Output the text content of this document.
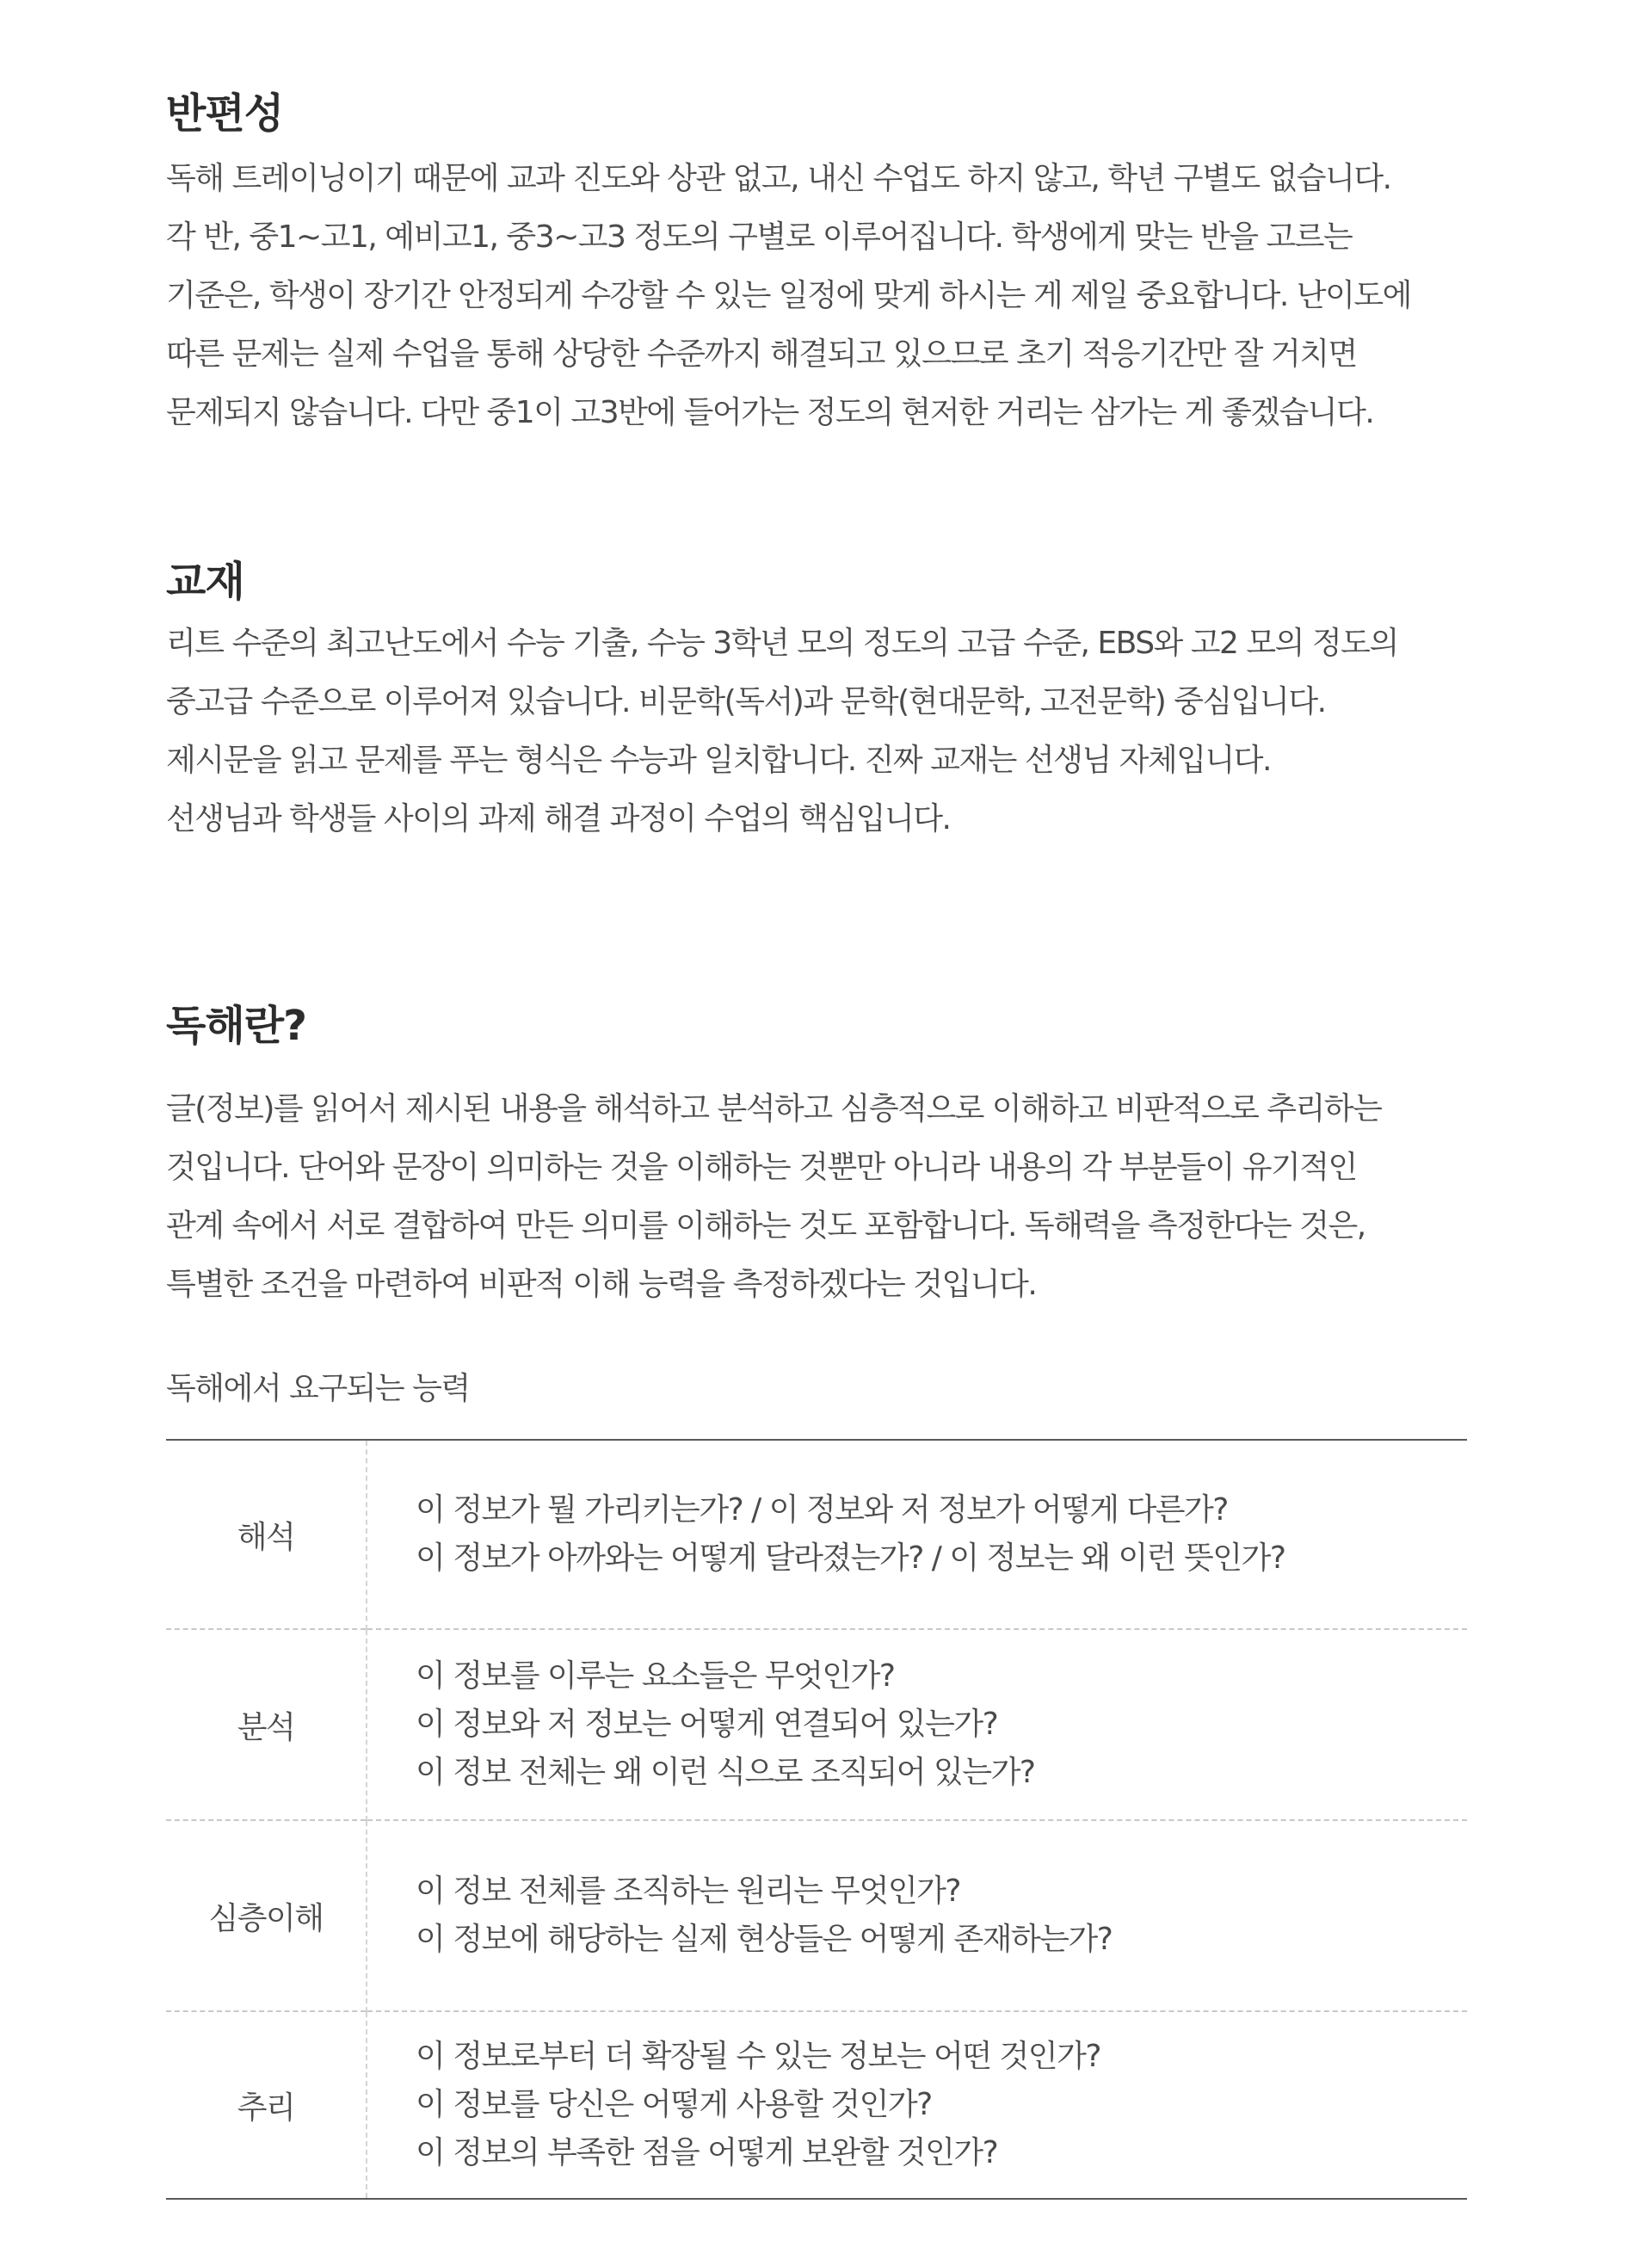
반편성

독해 트레이닝이기 때문에 교과 진도와 상관 없고, 내신 수업도 하지 않고, 학년 구별도 없습니다.
각 반, 중1~고1, 예비고1, 중3~고3 정도의 구별로 이루어집니다. 학생에게 맞는 반을 고르는
기준은, 학생이 장기간 안정되게 수강할 수 있는 일정에 맞게 하시는 게 제일 중요합니다. 난이도에
따른 문제는 실제 수업을 통해 상당한 수준까지 해결되고 있으므로 초기 적응기간만 잘 거치면
문제되지 않습니다. 다만 중1이 고3반에 들어가는 정도의 현저한 거리는 삼가는 게 좋겠습니다.

교재

리트 수준의 최고난도에서 수능 기출, 수능 3학년 모의 정도의 고급 수준, EBS와 고2 모의 정도의
중고급 수준으로 이루어져 있습니다. 비문학(독서)과 문학(현대문학, 고전문학) 중심입니다.
제시문을 읽고 문제를 푸는 형식은 수능과 일치합니다. 진짜 교재는 선생님 자체입니다.
선생님과 학생들 사이의 과제 해결 과정이 수업의 핵심입니다.

독해란?

글(정보)를 읽어서 제시된 내용을 해석하고 분석하고 심층적으로 이해하고 비판적으로 추리하는
것입니다. 단어와 문장이 의미하는 것을 이해하는 것뿐만 아니라 내용의 각 부분들이 유기적인
관계 속에서 서로 결합하여 만든 의미를 이해하는 것도 포함합니다. 독해력을 측정한다는 것은,
특별한 조건을 마련하여 비판적 이해 능력을 측정하겠다는 것입니다.

독해에서 요구되는 능력

해석	이 정보가 뭘 가리키는가? / 이 정보와 저 정보가 어떻게 다른가?
이 정보가 아까와는 어떻게 달라졌는가? / 이 정보는 왜 이런 뜻인가?

분석	이 정보를 이루는 요소들은 무엇인가?
이 정보와 저 정보는 어떻게 연결되어 있는가?
이 정보 전체는 왜 이런 식으로 조직되어 있는가?

심층이해	이 정보 전체를 조직하는 원리는 무엇인가?
이 정보에 해당하는 실제 현상들은 어떻게 존재하는가?

추리	이 정보로부터 더 확장될 수 있는 정보는 어떤 것인가?
이 정보를 당신은 어떻게 사용할 것인가?
이 정보의 부족한 점을 어떻게 보완할 것인가?
